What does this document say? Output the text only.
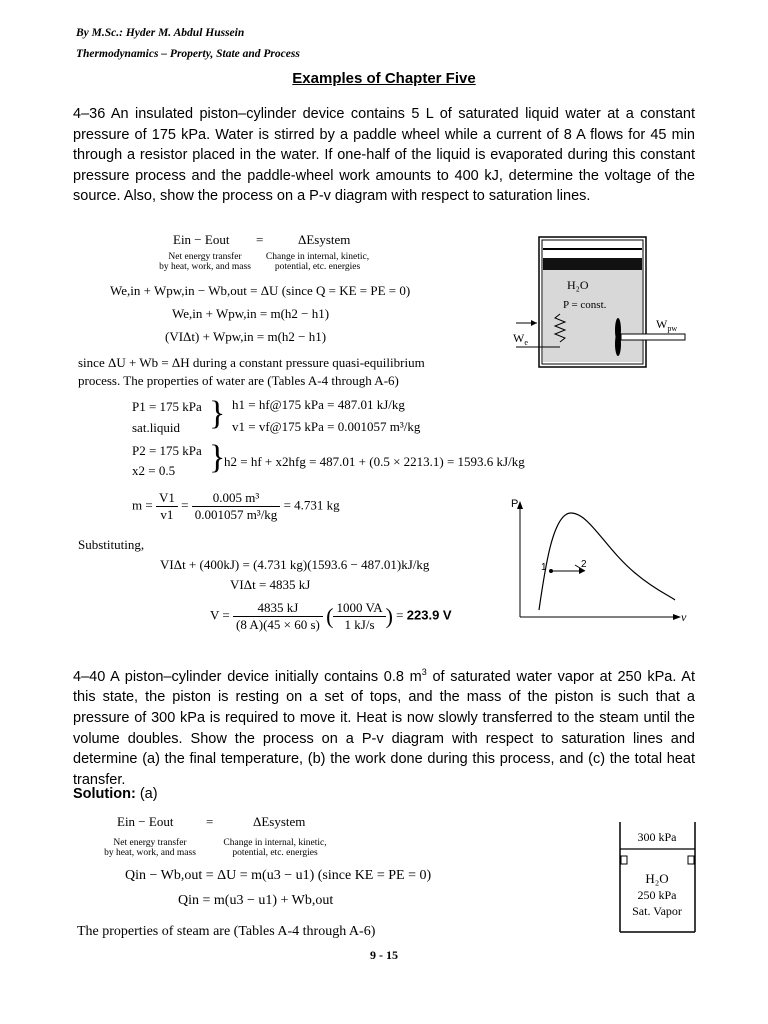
By M.Sc.: Hyder M. Abdul Hussein
Thermodynamics – Property, State and Process
Examples of Chapter Five
4–36 An insulated piston–cylinder device contains 5 L of saturated liquid water at a constant pressure of 175 kPa. Water is stirred by a paddle wheel while a current of 8 A flows for 45 min through a resistor placed in the water. If one-half of the liquid is evaporated during this constant pressure process and the paddle-wheel work amounts to 400 kJ, determine the voltage of the source. Also, show the process on a P-v diagram with respect to saturation lines.
Ein − Eout =	ΔEsystem
Net energy transfer
by heat, work, and mass
Change in internal, kinetic,
potential, etc. energies
We,in + Wpw,in − Wb,out = ΔU (since Q = KE = PE = 0)
We,in + Wpw,in = m(h2 − h1)
(VIΔt) + Wpw,in = m(h2 − h1)
since ΔU + Wb = ΔH during a constant pressure quasi-equilibrium
process. The properties of water are (Tables A-4 through A-6)
P1 = 175 kPa
sat.liquid } h1 = hf@175 kPa = 487.01 kJ/kg
v1 = vf@175 kPa = 0.001057 m³/kg
P2 = 175 kPa
x2 = 0.5 }
h2 = hf + x2hfg = 487.01 + (0.5 × 2213.1) = 1593.6 kJ/kg
$m = \frac{V1}{v1} = \frac{\text{0.005 m³}}{\text{0.001057 m³/kg}} = 4.731$ kg
Substituting,
VIΔt + (400kJ) = (4.731 kg)(1593.6 − 487.01)kJ/kg
VIΔt = 4835 kJ
$V = \frac{4835 kJ}{(8 A)(45 \times 60 s)}$ ( $\frac{1000 VA}{1 kJ/s}$ ) = 223.9 V
H₂O
P = const.
$W_e$
$W_{pw}$
P
v
1	2
4–40 A piston–cylinder device initially contains 0.8 $m^3$ of saturated water vapor at 250 kPa. At this state, the piston is resting on a set of tops, and the mass of the piston is such that a pressure of 300 kPa is required to move it. Heat is now slowly transferred to the steam until the volume doubles. Show the process on a P-v diagram with respect to saturation lines and determine (a) the final temperature, (b) the work done during this process, and (c) the total heat transfer.
Solution: (a)
Ein − Eout	=	ΔEsystem
Net energy transfer
by heat, work, and mass
Change in internal, kinetic,
potential, etc. energies
Qin − Wb,out = ΔU = m(u3 − u1) (since KE = PE = 0)
Qin = m(u3 − u1) + Wb,out
The properties of steam are (Tables A-4 through A-6)
300 kPa
H₂O
250 kPa
Sat. Vapor
9 - 15
